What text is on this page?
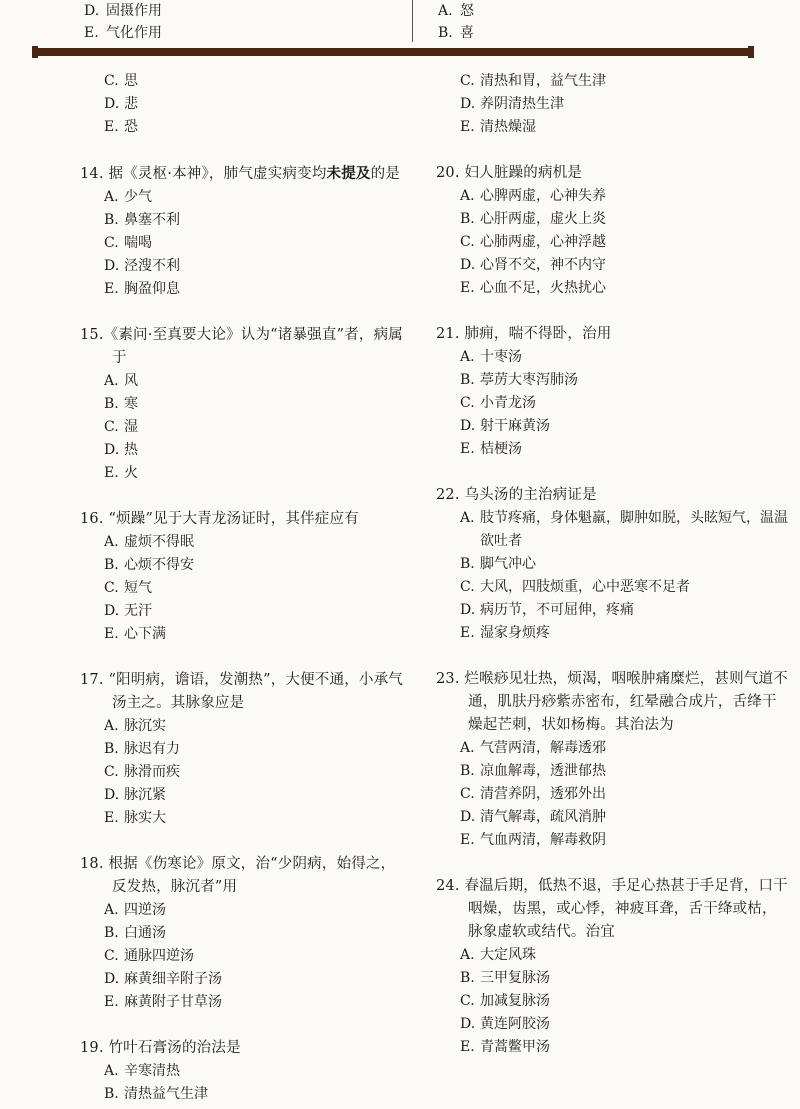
D. 固摄作用
E. 气化作用
A. 怒
B. 喜

C. 思
D. 悲
E. 恐
14. 据《灵枢·本神》，肺气虚实病变均未提及的是
A. 少气
B. 鼻塞不利
C. 喘喝
D. 泾溲不利
E. 胸盈仰息
15.《素问·至真要大论》认为“诸暴强直”者，病属于
A. 风
B. 寒
C. 湿
D. 热
E. 火
16. “烦躁”见于大青龙汤证时，其伴症应有
A. 虚烦不得眠
B. 心烦不得安
C. 短气
D. 无汗
E. 心下满
17. “阳明病，谵语，发潮热”，大便不通，小承气汤主之。其脉象应是
A. 脉沉实
B. 脉迟有力
C. 脉滑而疾
D. 脉沉紧
E. 脉实大
18. 根据《伤寒论》原文，治“少阴病，始得之，反发热，脉沉者”用
A. 四逆汤
B. 白通汤
C. 通脉四逆汤
D. 麻黄细辛附子汤
E. 麻黄附子甘草汤
19. 竹叶石膏汤的治法是
A. 辛寒清热
B. 清热益气生津
C. 清热和胃，益气生津
D. 养阴清热生津
E. 清热燥湿
20. 妇人脏躁的病机是
A. 心脾两虚，心神失养
B. 心肝两虚，虚火上炎
C. 心肺两虚，心神浮越
D. 心肾不交，神不内守
E. 心血不足，火热扰心
21. 肺痈，喘不得卧，治用
A. 十枣汤
B. 葶苈大枣泻肺汤
C. 小青龙汤
D. 射干麻黄汤
E. 桔梗汤
22. 乌头汤的主治病证是
A. 肢节疼痛，身体魁羸，脚肿如脱，头眩短气，温温欲吐者
B. 脚气冲心
C. 大风，四肢烦重，心中恶寒不足者
D. 病历节，不可屈伸，疼痛
E. 湿家身烦疼
23. 烂喉痧见壮热，烦渴，咽喉肿痛糜烂，甚则气道不通，肌肤丹痧紫赤密布，红晕融合成片，舌绛干燥起芒刺，状如杨梅。其治法为
A. 气营两清，解毒透邪
B. 凉血解毒，透泄郁热
C. 清营养阴，透邪外出
D. 清气解毒，疏风消肿
E. 气血两清，解毒救阴
24. 春温后期，低热不退，手足心热甚于手足背，口干咽燥，齿黑，或心悸，神疲耳聋，舌干绛或枯，脉象虚软或结代。治宜
A. 大定风珠
B. 三甲复脉汤
C. 加减复脉汤
D. 黄连阿胶汤
E. 青蒿鳖甲汤
